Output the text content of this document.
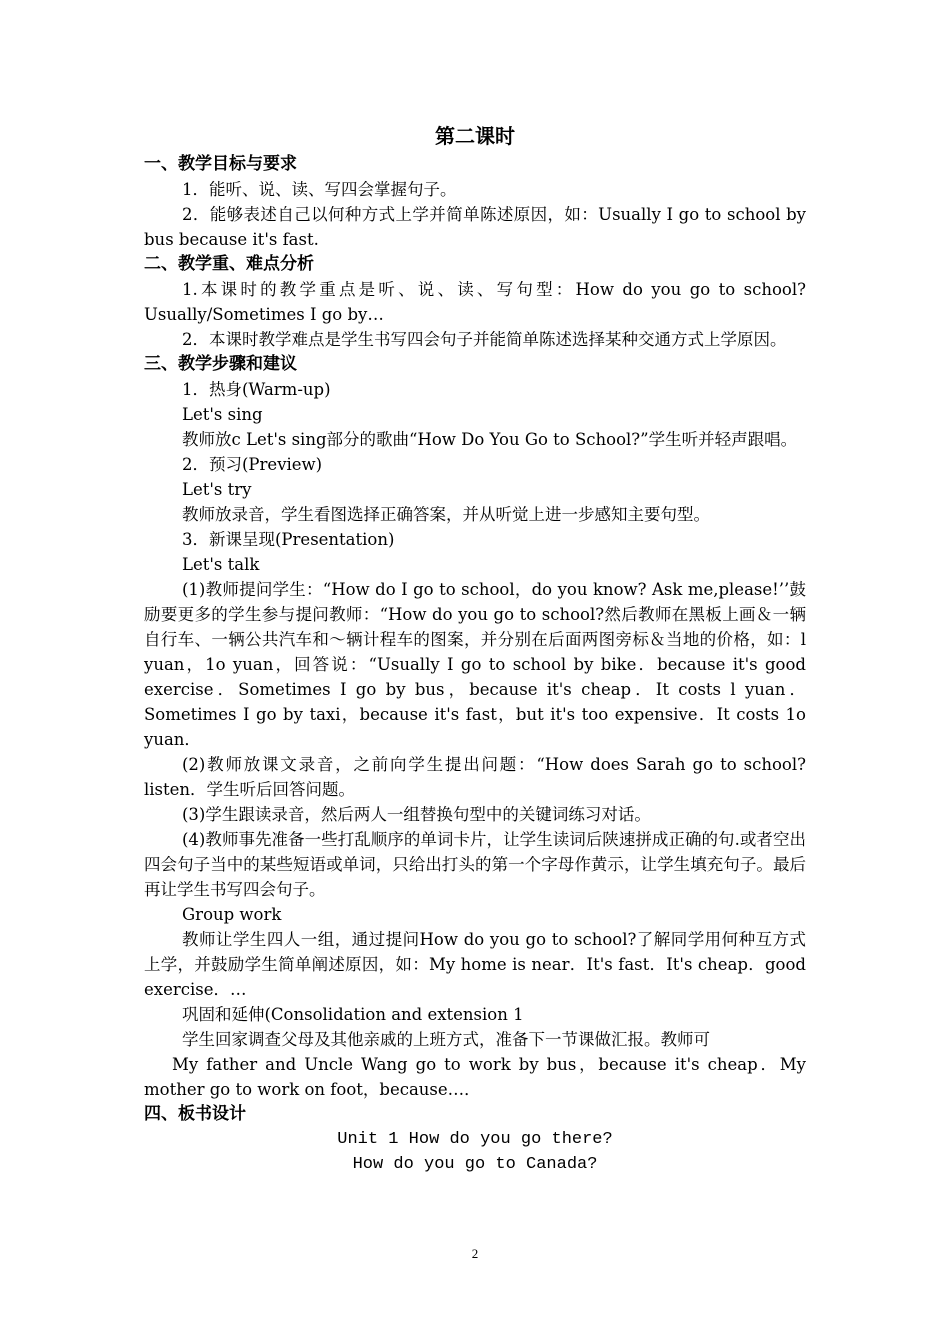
第二课时
一、教学目标与要求
1．能听、说、读、写四会掌握句子。
2．能够表述自己以何种方式上学并简单陈述原因，如：Usually I go to school by bus because it's fast.
二、教学重、难点分析
1.本课时的教学重点是听、说、读、写句型：How do you go to school? Usually/Sometimes I go by…
2．本课时教学难点是学生书写四会句子并能简单陈述选择某种交通方式上学原因。
三、教学步骤和建议
1．热身(Warm-up)
Let's sing
教师放c Let's sing部分的歌曲“How Do You Go to School?”学生听并轻声跟唱。
2．预习(Preview)
Let's try
教师放录音，学生看图选择正确答案，并从听觉上进一步感知主要句型。
3．新课呈现(Presentation)
Let's talk
(1)教师提问学生：“How do I go to school，do you know? Ask me,please!’’鼓励要更多的学生参与提问教师：“How do you go to school?然后教师在黑板上画＆一辆自行车、一辆公共汽车和～辆计程车的图案，并分别在后面两图旁标＆当地的价格，如：l yuan，1o yuan，回答说：“Usually I go to school by bike．because it's good exercise．Sometimes I go by bus，because it's cheap．It costs l yuan．Sometimes I go by taxi，because it's fast，but it's too expensive．It costs 1o yuan．
(2)教师放课文录音，之前向学生提出问题：“How does Sarah go to school? listen．学生听后回答问题。
(3)学生跟读录音，然后两人一组替换句型中的关键词练习对话。
(4)教师事先准备一些打乱顺序的单词卡片，让学生读词后陕速拼成正确的句.或者空出四会句子当中的某些短语或单词，只给出打头的第一个字母作黄示，让学生填充句子。最后再让学生书写四会句子。
Group work
教师让学生四人一组，通过提问How do you go to school?了解同学用何种互方式上学，并鼓励学生简单阐述原因，如：My home is near．It's fast．It's cheap．good exercise．…
巩固和延伸(Consolidation and extension 1
学生回家调查父母及其他亲戚的上班方式，准备下一节课做汇报。教师可
My father and Uncle Wang go to work by bus，because it's cheap．My mother go to work on foot，because…．
四、板书设计
Unit 1 How do you go there?
How do you go to Canada?
2
